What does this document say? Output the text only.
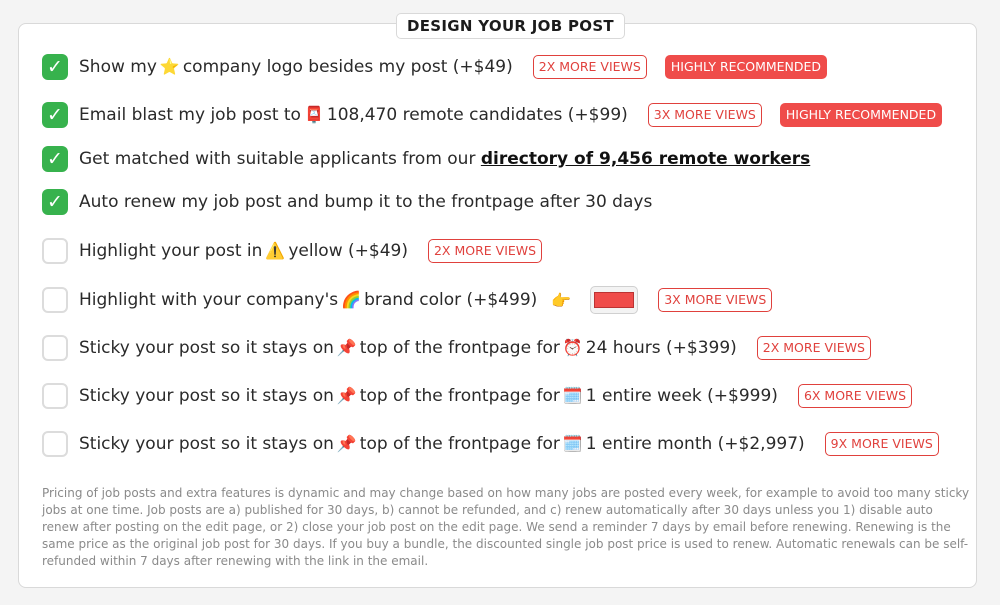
DESIGN YOUR JOB POST
✓ Show my ⭐ company logo besides my post (+$49)	2X MORE VIEWS	HIGHLY RECOMMENDED
✓ Email blast my job post to 📮 108,470 remote candidates (+$99)	3X MORE VIEWS	HIGHLY RECOMMENDED
✓ Get matched with suitable applicants from our directory of 9,456 remote workers
✓ Auto renew my job post and bump it to the frontpage after 30 days
Highlight your post in ⚠️ yellow (+$49)	2X MORE VIEWS
Highlight with your company's 🌈 brand color (+$499) 👉	3X MORE VIEWS
Sticky your post so it stays on 📌 top of the frontpage for ⏰ 24 hours (+$399)	2X MORE VIEWS
Sticky your post so it stays on 📌 top of the frontpage for 🗓️ 1 entire week (+$999)	6X MORE VIEWS
Sticky your post so it stays on 📌 top of the frontpage for 🗓️ 1 entire month (+$2,997)	9X MORE VIEWS
Pricing of job posts and extra features is dynamic and may change based on how many jobs are posted every week, for example to avoid too many sticky jobs at one time. Job posts are a) published for 30 days, b) cannot be refunded, and c) renew automatically after 30 days unless you 1) disable auto renew after posting on the edit page, or 2) close your job post on the edit page. We send a reminder 7 days by email before renewing. Renewing is the same price as the original job post for 30 days. If you buy a bundle, the discounted single job post price is used to renew. Automatic renewals can be self-refunded within 7 days after renewing with the link in the email.
